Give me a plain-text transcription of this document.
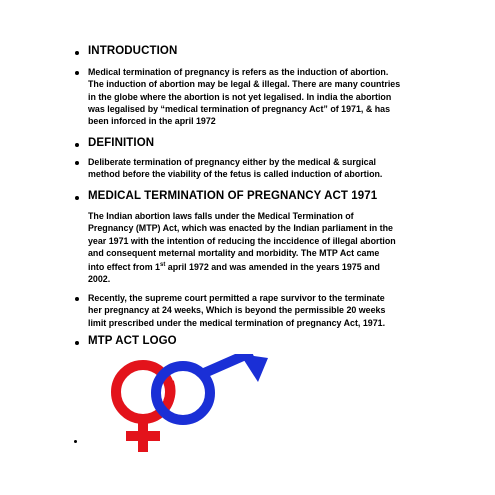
INTRODUCTION
Medical termination of pregnancy is refers as the induction of abortion.
The induction of abortion may be legal & illegal. There are many countries
in the globe where the abortion is not yet legalised. In india the abortion
was legalised by “medical termination of pregnancy Act” of 1971, & has
been inforced in the april 1972
DEFINITION
Deliberate termination of pregnancy either by the medical & surgical
method before the viability of the fetus is called induction of abortion.
MEDICAL TERMINATION OF PREGNANCY ACT 1971
The Indian abortion laws falls under the Medical Termination of
Pregnancy (MTP) Act, which was enacted by the Indian parliament in the
year 1971 with the intention of reducing the inccidence of illegal abortion
and consequent meternal mortality and morbidity. The MTP Act came
into effect from 1st april 1972 and was amended in the years 1975 and
2002.
Recently, the supreme court permitted a rape survivor to the terminate
her pregnancy at 24 weeks, Which is beyond the permissible 20 weeks
limit prescribed under the medical termination of pregnancy Act, 1971.
MTP ACT LOGO
